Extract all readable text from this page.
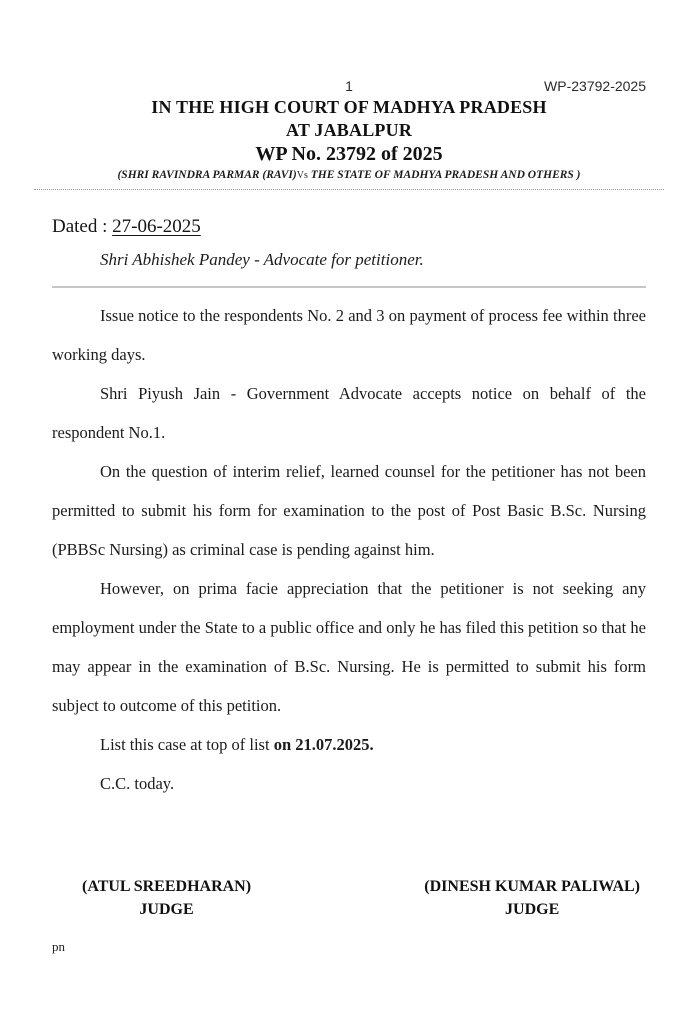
1	WP-23792-2025
IN THE HIGH COURT OF MADHYA PRADESH
AT JABALPUR
WP No. 23792 of 2025
(SHRI RAVINDRA PARMAR (RAVI)Vs THE STATE OF MADHYA PRADESH AND OTHERS )
Dated : 27-06-2025
Shri Abhishek Pandey - Advocate for petitioner.

Issue notice to the respondents No. 2 and 3 on payment of process fee within three working days.

Shri Piyush Jain - Government Advocate accepts notice on behalf of the respondent No.1.

On the question of interim relief, learned counsel for the petitioner has not been permitted to submit his form for examination to the post of Post Basic B.Sc. Nursing (PBBSc Nursing) as criminal case is pending against him.

However, on prima facie appreciation that the petitioner is not seeking any employment under the State to a public office and only he has filed this petition so that he may appear in the examination of B.Sc. Nursing. He is permitted to submit his form subject to outcome of this petition.

List this case at top of list on 21.07.2025.

C.C. today.

(ATUL SREEDHARAN)
JUDGE
(DINESH KUMAR PALIWAL)
JUDGE
pn
